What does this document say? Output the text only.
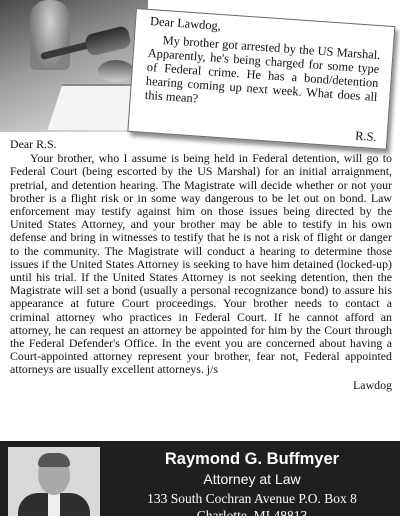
Dear Lawdog,

My brother got arrested by the US Marshal. Apparently, he's being charged for some type of Federal crime. He has a bond/detention hearing coming up next week. What does all this mean?

R.S.

Dear R.S.

Your brother, who I assume is being held in Federal detention, will go to Federal Court (being escorted by the US Marshal) for an initial arraignment, pretrial, and detention hearing. The Magistrate will decide whether or not your brother is a flight risk or in some way dangerous to be let out on bond. Law enforcement may testify against him on those issues being directed by the United States Attorney, and your brother may be able to testify in his own defense and bring in witnesses to testify that he is not a risk of flight or danger to the community. The Magistrate will conduct a hearing to determine those issues if the United States Attorney is seeking to have him detained (locked-up) until his trial. If the United States Attorney is not seeking detention, then the Magistrate will set a bond (usually a personal recognizance bond) to assure his appearance at future Court proceedings. Your brother needs to contact a criminal attorney who practices in Federal Court. If he cannot afford an attorney, he can request an attorney be appointed for him by the Court through the Federal Defender's Office. In the event you are concerned about having a Court-appointed attorney represent your brother, fear not, Federal appointed attorneys are usually excellent attorneys. j/s

Lawdog

Raymond G. Buffmyer
Attorney at Law
133 South Cochran Avenue P.O. Box 8
Charlotte, MI 48813
